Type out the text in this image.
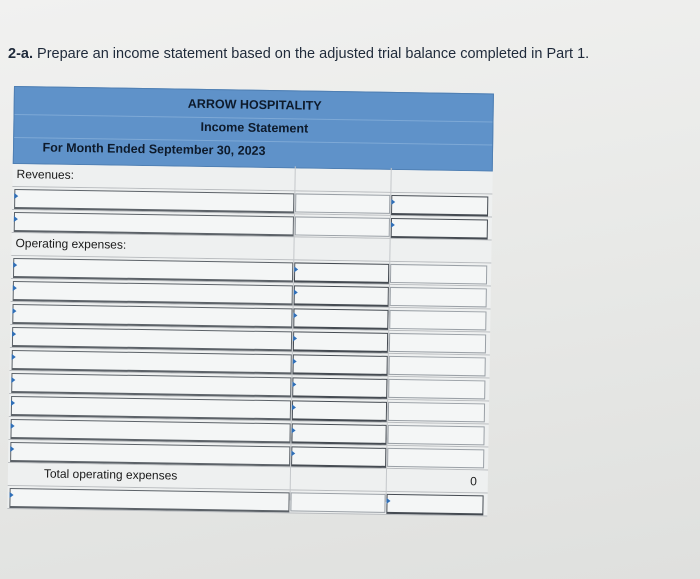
2-a. Prepare an income statement based on the adjusted trial balance completed in Part 1.
ARROW HOSPITALITY
Income Statement
For Month Ended September 30, 2023
Revenues:
Operating expenses:
Total operating expenses	0
